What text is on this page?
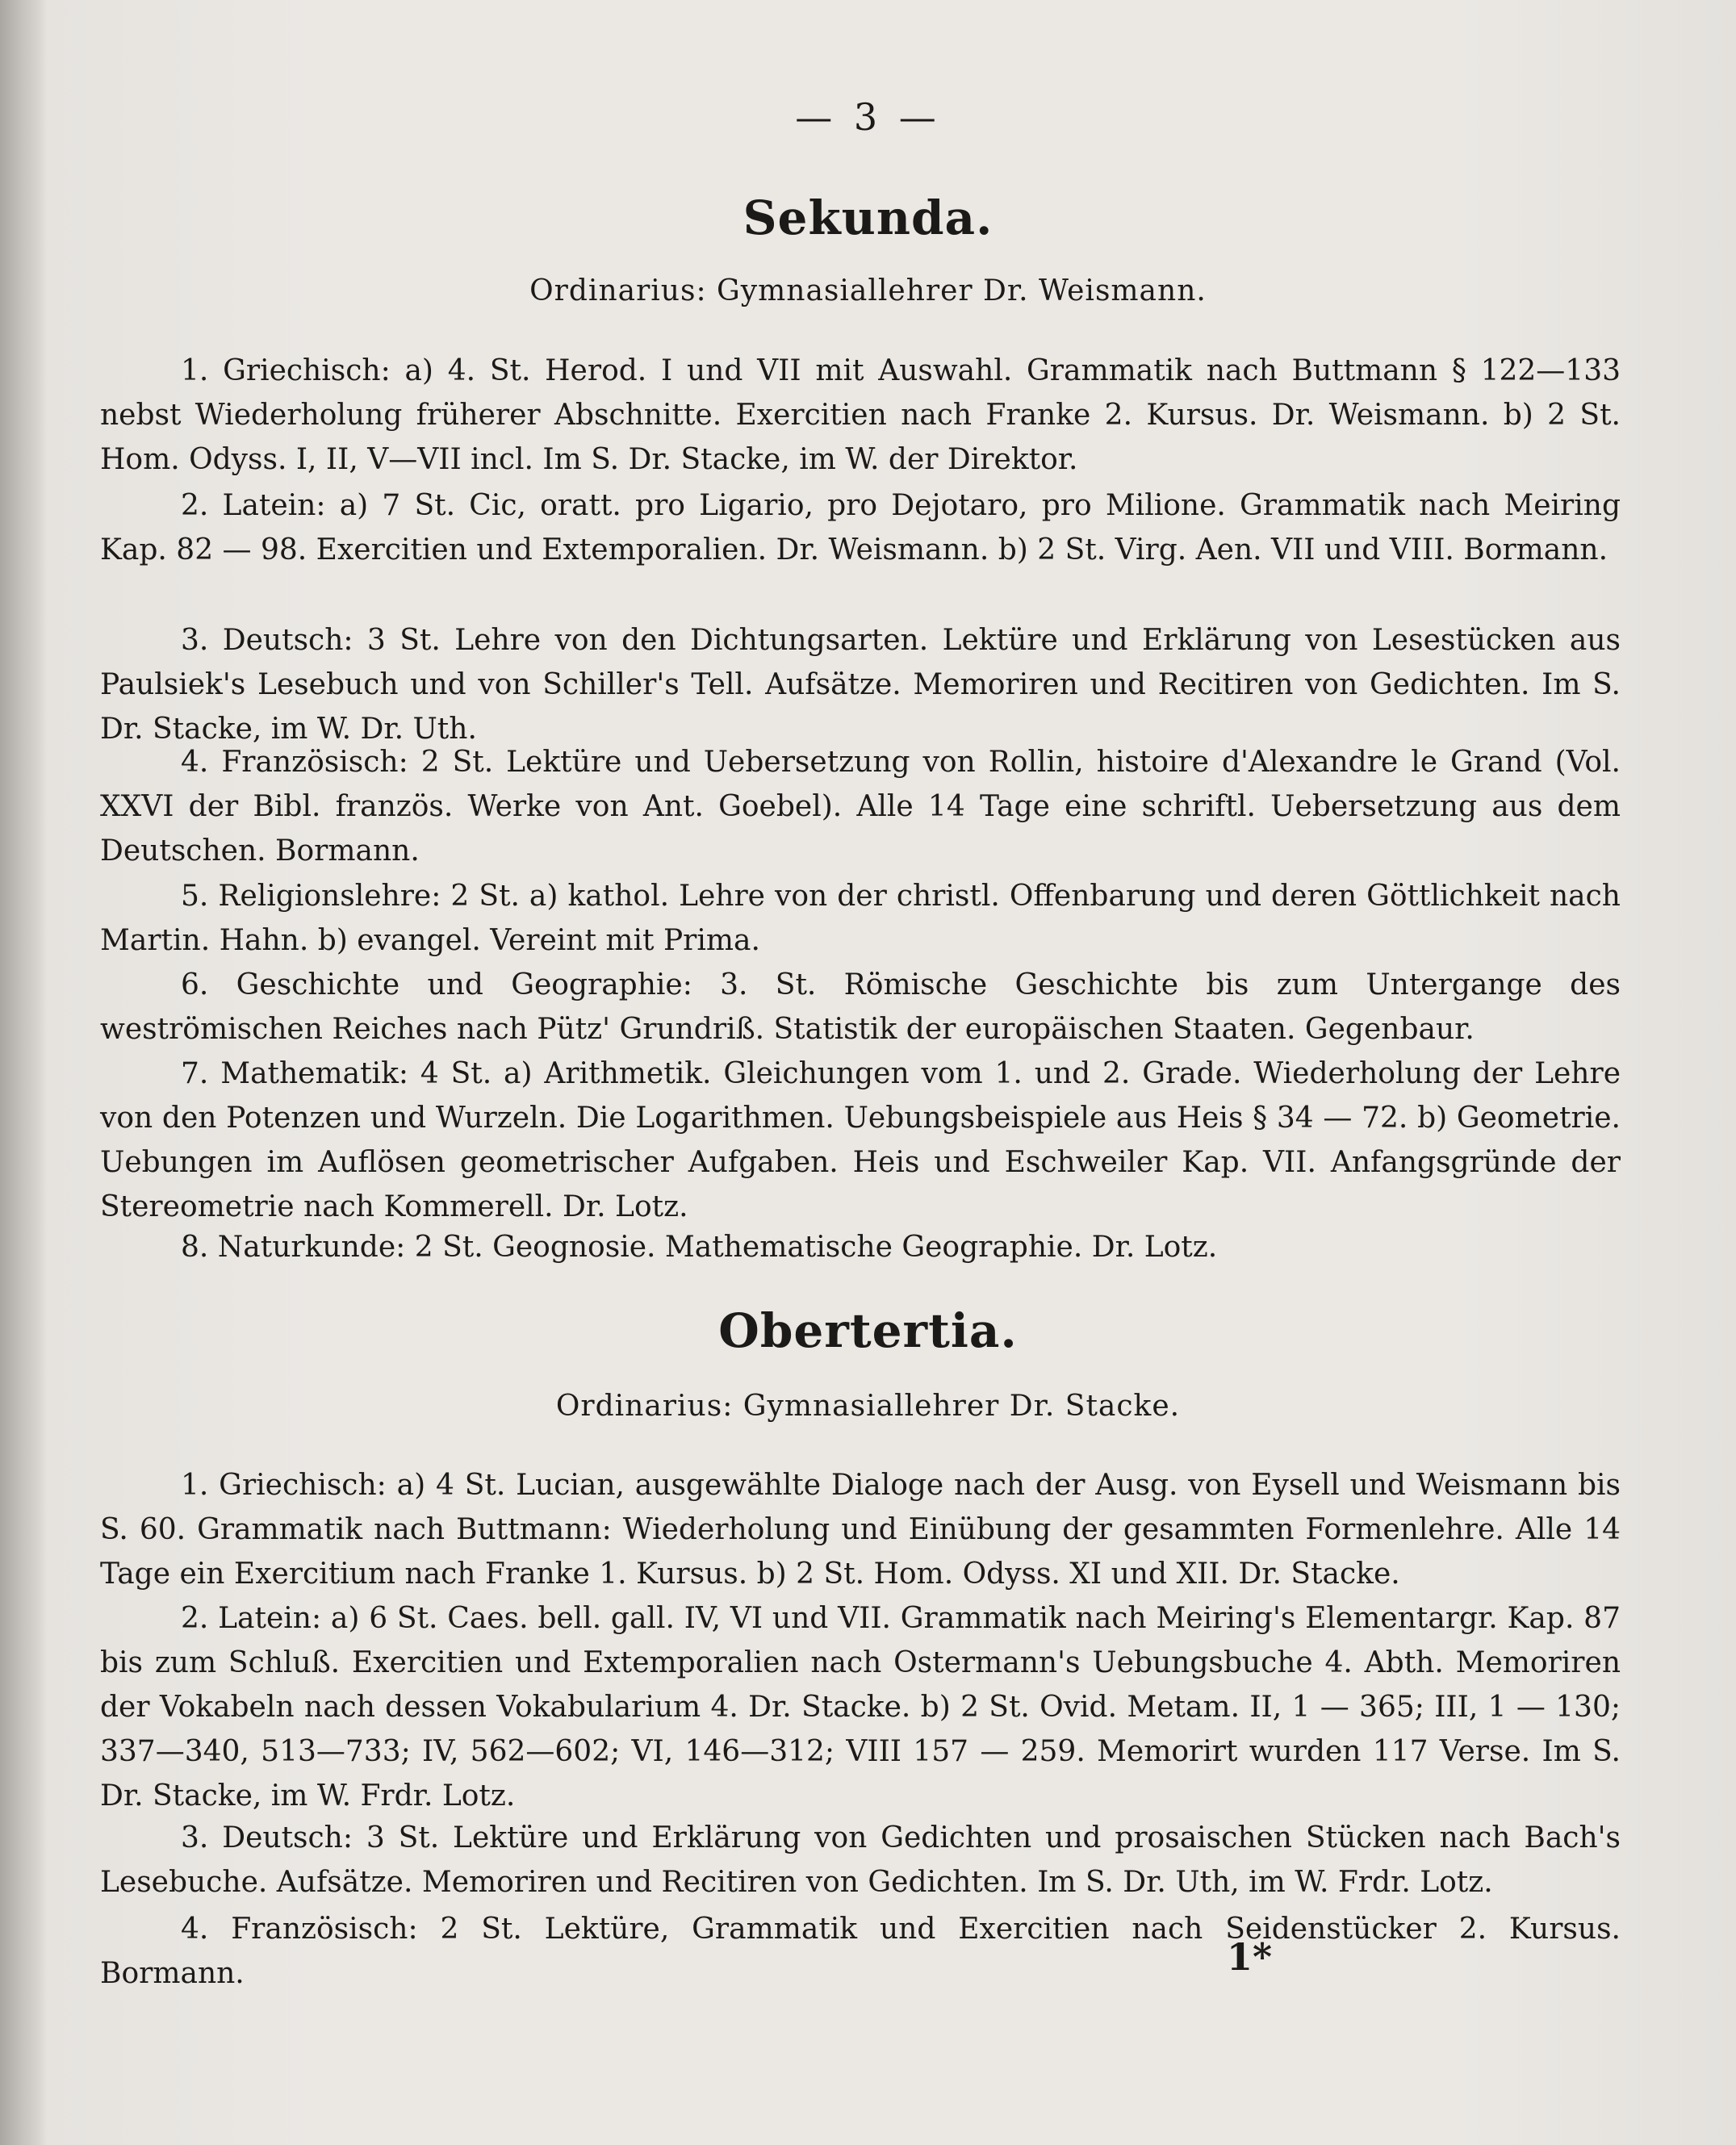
— 3 —
Sekunda.
Ordinarius: Gymnasiallehrer Dr. Weismann.
1. Griechisch: a) 4. St. Herod. I und VII mit Auswahl. Grammatik nach Buttmann § 122—133 nebst Wiederholung früherer Abschnitte. Exercitien nach Franke 2. Kursus. Dr. Weismann. b) 2 St. Hom. Odyss. I, II, V—VII incl. Im S. Dr. Stacke, im W. der Direktor.
2. Latein: a) 7 St. Cic, oratt. pro Ligario, pro Dejotaro, pro Milione. Grammatik nach Meiring Kap. 82 — 98. Exercitien und Extemporalien. Dr. Weismann. b) 2 St. Virg. Aen. VII und VIII. Bormann.
3. Deutsch: 3 St. Lehre von den Dichtungsarten. Lektüre und Erklärung von Lesestücken aus Paulsiek's Lesebuch und von Schiller's Tell. Aufsätze. Memoriren und Recitiren von Gedichten. Im S. Dr. Stacke, im W. Dr. Uth.
4. Französisch: 2 St. Lektüre und Uebersetzung von Rollin, histoire d'Alexandre le Grand (Vol. XXVI der Bibl. französ. Werke von Ant. Goebel). Alle 14 Tage eine schriftl. Uebersetzung aus dem Deutschen. Bormann.
5. Religionslehre: 2 St. a) kathol. Lehre von der christl. Offenbarung und deren Göttlichkeit nach Martin. Hahn. b) evangel. Vereint mit Prima.
6. Geschichte und Geographie: 3. St. Römische Geschichte bis zum Untergange des weströmischen Reiches nach Pütz' Grundriß. Statistik der europäischen Staaten. Gegenbaur.
7. Mathematik: 4 St. a) Arithmetik. Gleichungen vom 1. und 2. Grade. Wiederholung der Lehre von den Potenzen und Wurzeln. Die Logarithmen. Uebungsbeispiele aus Heis § 34 — 72. b) Geometrie. Uebungen im Auflösen geometrischer Aufgaben. Heis und Eschweiler Kap. VII. Anfangsgründe der Stereometrie nach Kommerell. Dr. Lotz.
8. Naturkunde: 2 St. Geognosie. Mathematische Geographie. Dr. Lotz.
Obertertia.
Ordinarius: Gymnasiallehrer Dr. Stacke.
1. Griechisch: a) 4 St. Lucian, ausgewählte Dialoge nach der Ausg. von Eysell und Weismann bis S. 60. Grammatik nach Buttmann: Wiederholung und Einübung der gesammten Formenlehre. Alle 14 Tage ein Exercitium nach Franke 1. Kursus. b) 2 St. Hom. Odyss. XI und XII. Dr. Stacke.
2. Latein: a) 6 St. Caes. bell. gall. IV, VI und VII. Grammatik nach Meiring's Elementargr. Kap. 87 bis zum Schluß. Exercitien und Extemporalien nach Ostermann's Uebungsbuche 4. Abth. Memoriren der Vokabeln nach dessen Vokabularium 4. Dr. Stacke. b) 2 St. Ovid. Metam. II, 1 — 365; III, 1 — 130; 337—340, 513—733; IV, 562—602; VI, 146—312; VIII 157 — 259. Memorirt wurden 117 Verse. Im S. Dr. Stacke, im W. Frdr. Lotz.
3. Deutsch: 3 St. Lektüre und Erklärung von Gedichten und prosaischen Stücken nach Bach's Lesebuche. Aufsätze. Memoriren und Recitiren von Gedichten. Im S. Dr. Uth, im W. Frdr. Lotz.
4. Französisch: 2 St. Lektüre, Grammatik und Exercitien nach Seidenstücker 2. Kursus. Bormann.	1*
